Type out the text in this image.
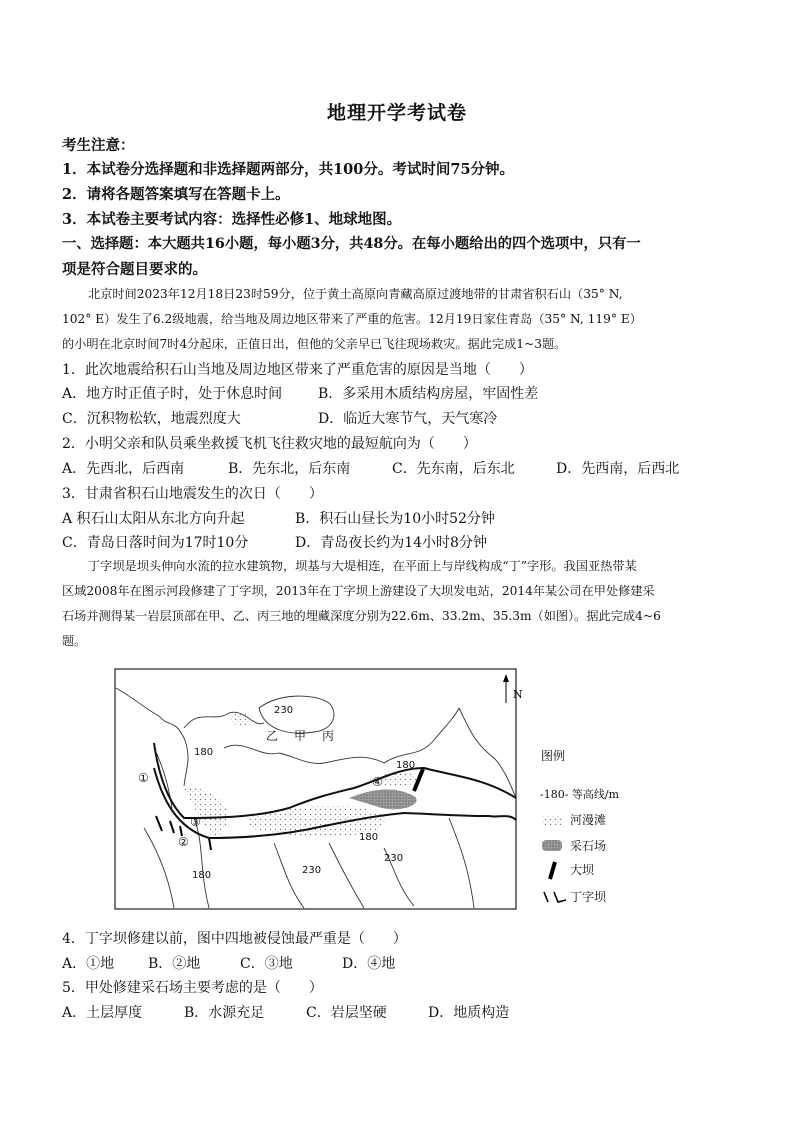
地理开学考试卷
考生注意：
1．本试卷分选择题和非选择题两部分，共100分。考试时间75分钟。
2．请将各题答案填写在答题卡上。
3．本试卷主要考试内容：选择性必修1、地球地图。
一、选择题：本大题共16小题，每小题3分，共48分。在每小题给出的四个选项中，只有一
项是符合题目要求的。
北京时间2023年12月18日23时59分，位于黄土高原向青藏高原过渡地带的甘肃省积石山（35° N,
102° E）发生了6.2级地震，给当地及周边地区带来了严重的危害。12月19日家住青岛（35° N, 119° E）
的小明在北京时间7时4分起床，正值日出，但他的父亲早已飞往现场救灾。据此完成1~3题。
1．此次地震给积石山当地及周边地区带来了严重危害的原因是当地（　　）
A．地方时正值子时，处于休息时间	B．多采用木质结构房屋，牢固性差
C．沉积物松软，地震烈度大	D．临近大寒节气，天气寒冷
2．小明父亲和队员乘坐救援飞机飞往救灾地的最短航向为（　　）
A．先西北，后西南	B．先东北，后东南	C．先东南，后东北	D．先西南，后西北
3．甘肃省积石山地震发生的次日（　　）
A 积石山太阳从东北方向升起	B．积石山昼长为10小时52分钟
C．青岛日落时间为17时10分	D．青岛夜长约为14小时8分钟
丁字坝是坝头伸向水流的拉水建筑物，坝基与大堤相连，在平面上与岸线构成“丁”字形。我国亚热带某
区域2008年在图示河段修建了丁字坝，2013年在丁字坝上游建设了大坝发电站，2014年某公司在甲处修建采
石场并测得某一岩层顶部在甲、乙、丙三地的埋藏深度分别为22.6m、33.2m、35.3m（如图）。据此完成4~6
题。
N
230
180
180
180
230
230
180
乙 甲 丙
①
②
③
④
图例
-180- 等高线/m
河漫滩
采石场
大坝
丁字坝
4．丁字坝修建以前，图中四地被侵蚀最严重是（　　）
A．①地 B．②地	C．③地	D．④地
5．甲处修建采石场主要考虑的是（　　）
A．土层厚度	B．水源充足	C．岩层坚硬	D．地质构造
